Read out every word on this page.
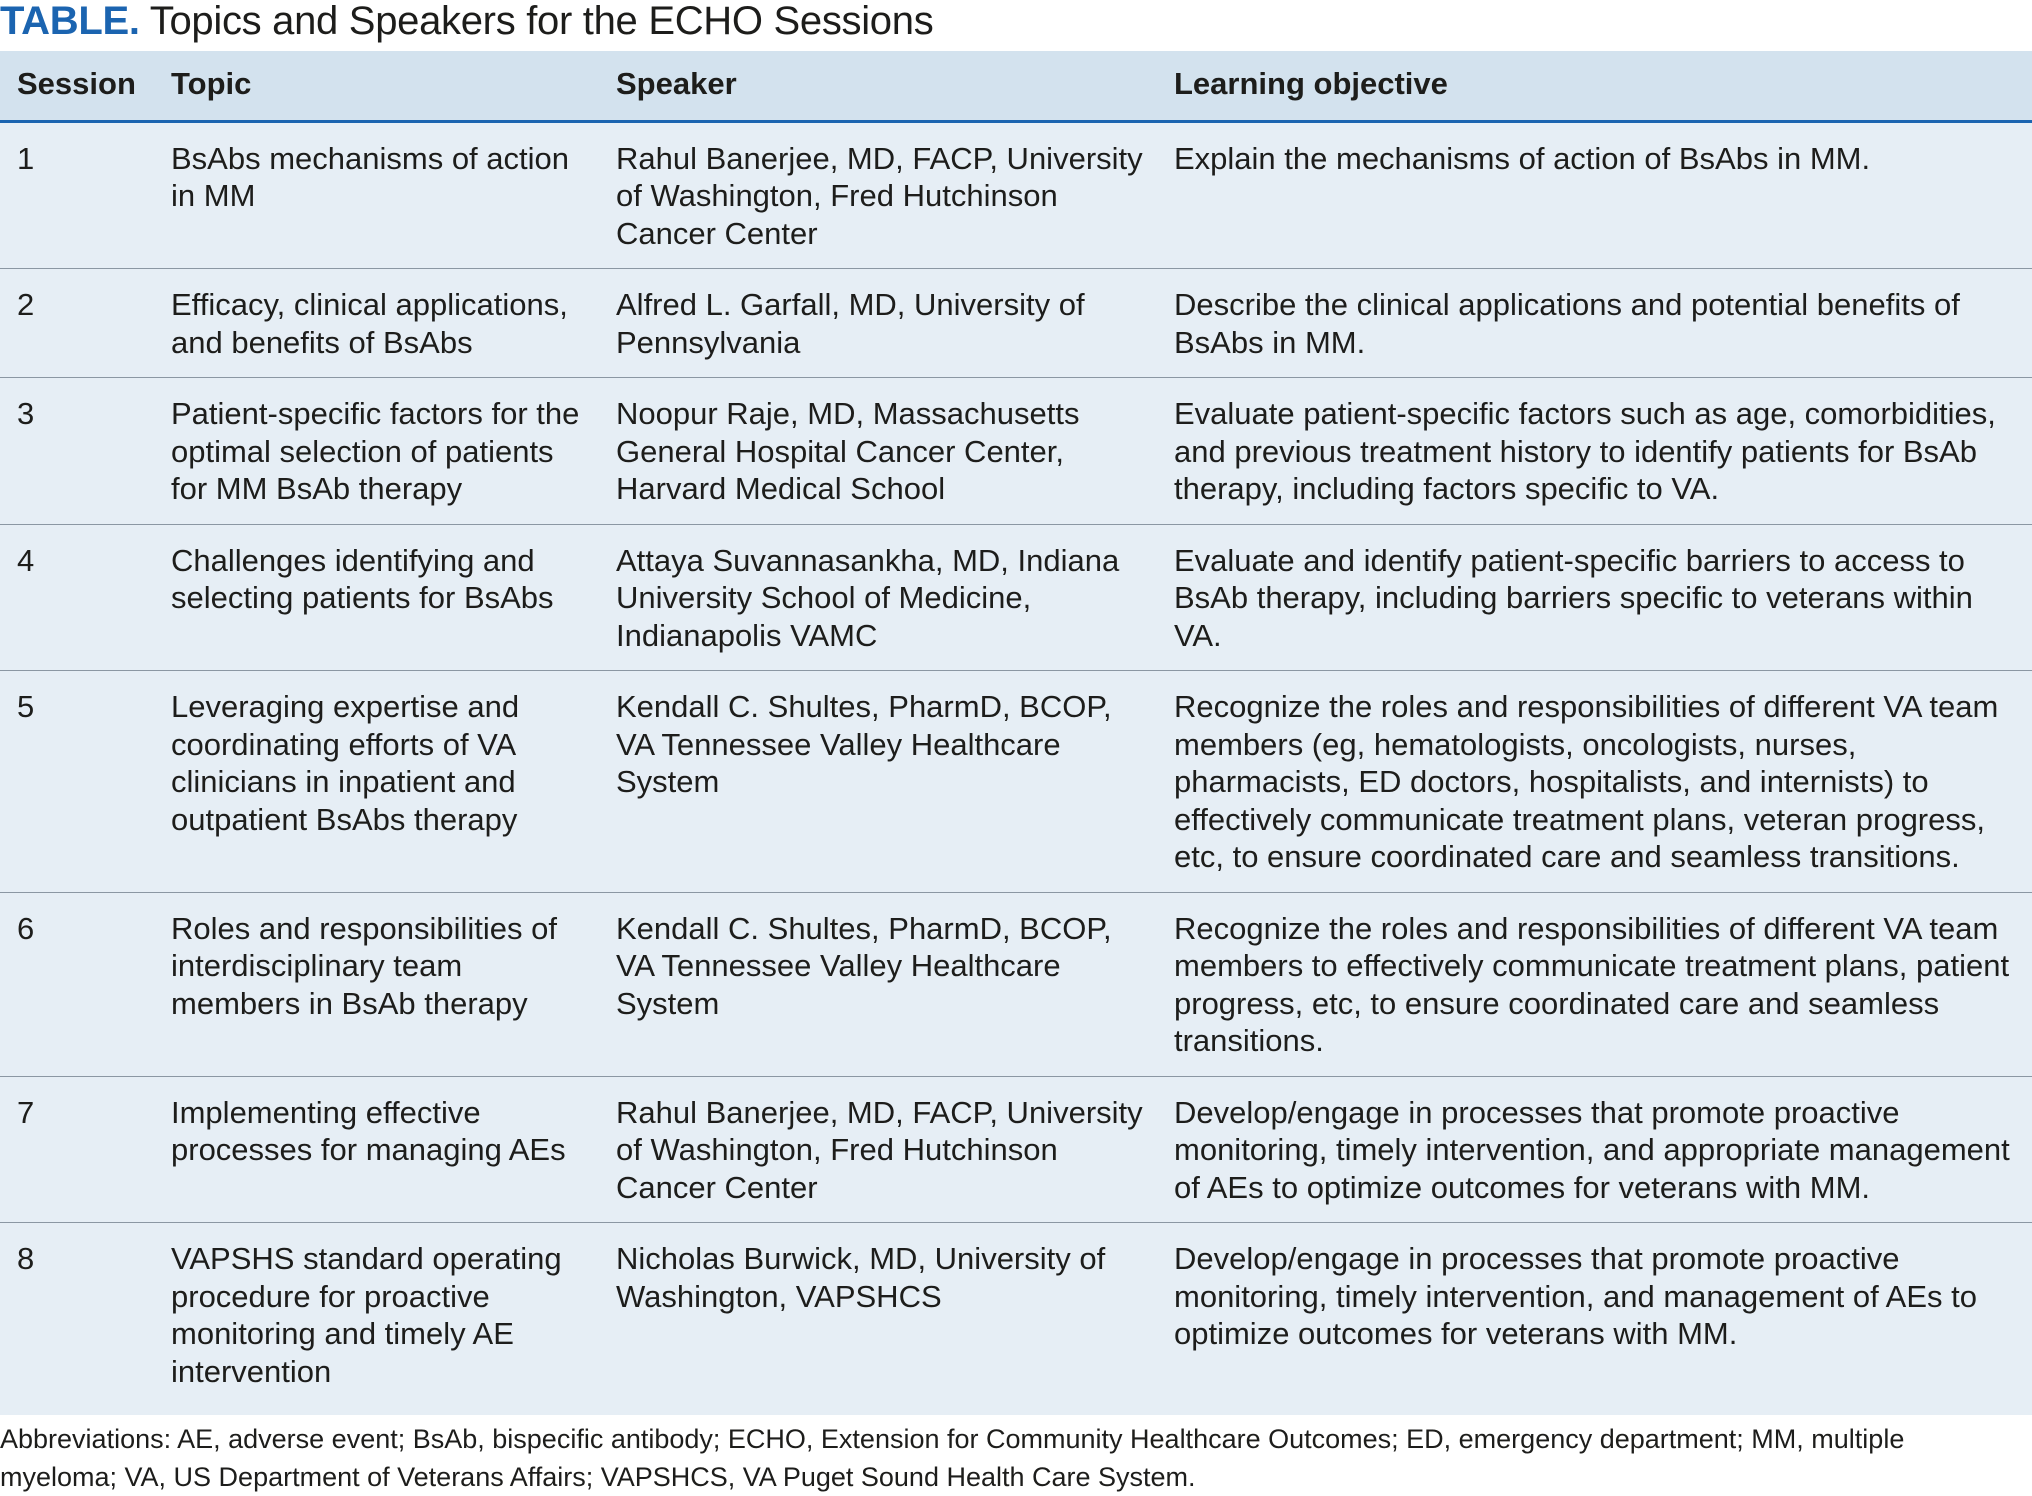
TABLE. Topics and Speakers for the ECHO Sessions
Session	Topic	Speaker	Learning objective
1	BsAbs mechanisms of action in MM	Rahul Banerjee, MD, FACP, University of Washington, Fred Hutchinson Cancer Center	Explain the mechanisms of action of BsAbs in MM.
2	Efficacy, clinical applications, and benefits of BsAbs	Alfred L. Garfall, MD, University of Pennsylvania	Describe the clinical applications and potential benefits of BsAbs in MM.
3	Patient-specific factors for the optimal selection of patients for MM BsAb therapy	Noopur Raje, MD, Massachusetts General Hospital Cancer Center, Harvard Medical School	Evaluate patient-specific factors such as age, comorbidities, and previous treatment history to identify patients for BsAb therapy, including factors specific to VA.
4	Challenges identifying and selecting patients for BsAbs	Attaya Suvannasankha, MD, Indiana University School of Medicine, Indianapolis VAMC	Evaluate and identify patient-specific barriers to access to BsAb therapy, including barriers specific to veterans within VA.
5	Leveraging expertise and coordinating efforts of VA clinicians in inpatient and outpatient BsAbs therapy	Kendall C. Shultes, PharmD, BCOP, VA Tennessee Valley Healthcare System	Recognize the roles and responsibilities of different VA team members (eg, hematologists, oncologists, nurses, pharmacists, ED doctors, hospitalists, and internists) to effectively communicate treatment plans, veteran progress, etc, to ensure coordinated care and seamless transitions.
6	Roles and responsibilities of interdisciplinary team members in BsAb therapy	Kendall C. Shultes, PharmD, BCOP, VA Tennessee Valley Healthcare System	Recognize the roles and responsibilities of different VA team members to effectively communicate treatment plans, patient progress, etc, to ensure coordinated care and seamless transitions.
7	Implementing effective processes for managing AEs	Rahul Banerjee, MD, FACP, University of Washington, Fred Hutchinson Cancer Center	Develop/engage in processes that promote proactive monitoring, timely intervention, and appropriate management of AEs to optimize outcomes for veterans with MM.
8	VAPSHS standard operating procedure for proactive monitoring and timely AE intervention	Nicholas Burwick, MD, University of Washington, VAPSHCS	Develop/engage in processes that promote proactive monitoring, timely intervention, and management of AEs to optimize outcomes for veterans with MM.
Abbreviations: AE, adverse event; BsAb, bispecific antibody; ECHO, Extension for Community Healthcare Outcomes; ED, emergency department; MM, multiple myeloma; VA, US Department of Veterans Affairs; VAPSHCS, VA Puget Sound Health Care System.
